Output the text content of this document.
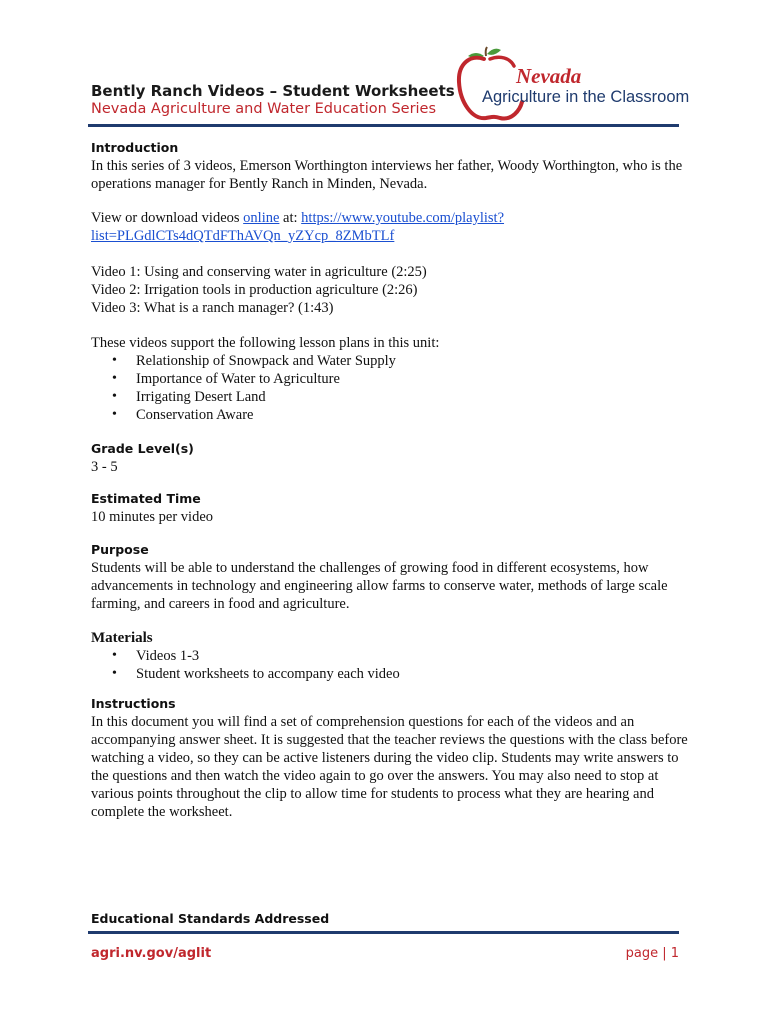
Bently Ranch Videos – Student Worksheets
Nevada Agriculture and Water Education Series
Nevada
Agriculture in the Classroom
Introduction
In this series of 3 videos, Emerson Worthington interviews her father, Woody Worthington, who is the operations manager for Bently Ranch in Minden, Nevada.
View or download videos online at: https://www.youtube.com/playlist?
list=PLGdlCTs4dQTdFThAVQn_yZYcp_8ZMbTLf
Video 1: Using and conserving water in agriculture (2:25)
Video 2: Irrigation tools in production agriculture (2:26)
Video 3: What is a ranch manager? (1:43)
These videos support the following lesson plans in this unit:
• Relationship of Snowpack and Water Supply
• Importance of Water to Agriculture
• Irrigating Desert Land
• Conservation Aware
Grade Level(s)
3 - 5
Estimated Time
10 minutes per video
Purpose
Students will be able to understand the challenges of growing food in different ecosystems, how advancements in technology and engineering allow farms to conserve water, methods of large scale farming, and careers in food and agriculture.
Materials
• Videos 1-3
• Student worksheets to accompany each video
Instructions
In this document you will find a set of comprehension questions for each of the videos and an accompanying answer sheet. It is suggested that the teacher reviews the questions with the class before watching a video, so they can be active listeners during the video clip. Students may write answers to the questions and then watch the video again to go over the answers. You may also need to stop at various points throughout the clip to allow time for students to process what they are hearing and complete the worksheet.
Educational Standards Addressed
agri.nv.gov/aglit	page | 1
